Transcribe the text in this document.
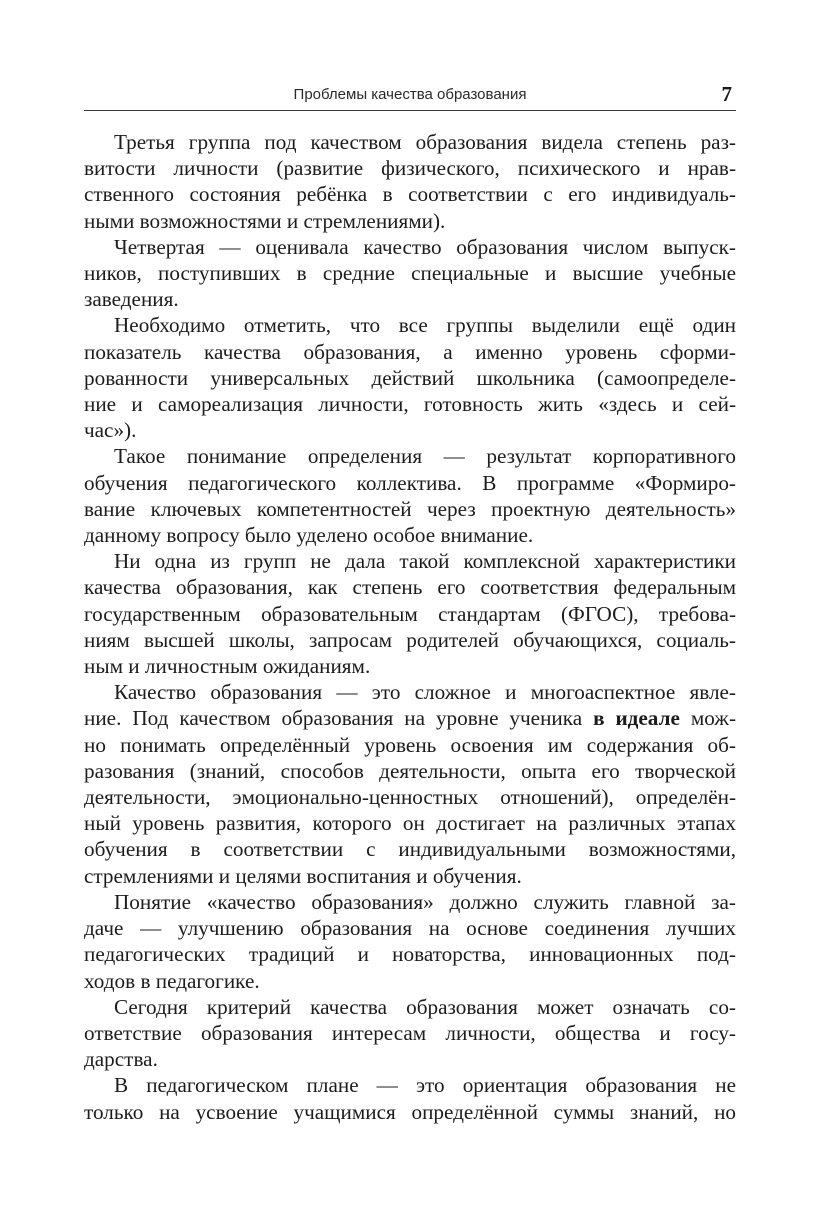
Проблемы качества образования	7

Третья группа под качеством образования видела степень раз-
витости личности (развитие физического, психического и нрав-
ственного состояния ребёнка в соответствии с его индивидуаль-
ными возможностями и стремлениями).

Четвертая — оценивала качество образования числом выпуск-
ников, поступивших в средние специальные и высшие учебные
заведения.

Необходимо отметить, что все группы выделили ещё один
показатель качества образования, а именно уровень сформи-
рованности универсальных действий школьника (самоопределе-
ние и самореализация личности, готовность жить «здесь и сей-
час»).

Такое понимание определения — результат корпоративного
обучения педагогического коллектива. В программе «Формиро-
вание ключевых компетентностей через проектную деятельность»
данному вопросу было уделено особое внимание.

Ни одна из групп не дала такой комплексной характеристики
качества образования, как степень его соответствия федеральным
государственным образовательным стандартам (ФГОС), требова-
ниям высшей школы, запросам родителей обучающихся, социаль-
ным и личностным ожиданиям.

Качество образования — это сложное и многоаспектное явле-
ние. Под качеством образования на уровне ученика в идеале мож-
но понимать определённый уровень освоения им содержания об-
разования (знаний, способов деятельности, опыта его творческой
деятельности, эмоционально-ценностных отношений), определён-
ный уровень развития, которого он достигает на различных этапах
обучения в соответствии с индивидуальными возможностями,
стремлениями и целями воспитания и обучения.

Понятие «качество образования» должно служить главной за-
даче — улучшению образования на основе соединения лучших
педагогических традиций и новаторства, инновационных под-
ходов в педагогике.

Сегодня критерий качества образования может означать со-
ответствие образования интересам личности, общества и госу-
дарства.

В педагогическом плане — это ориентация образования не
только на усвоение учащимися определённой суммы знаний, но
